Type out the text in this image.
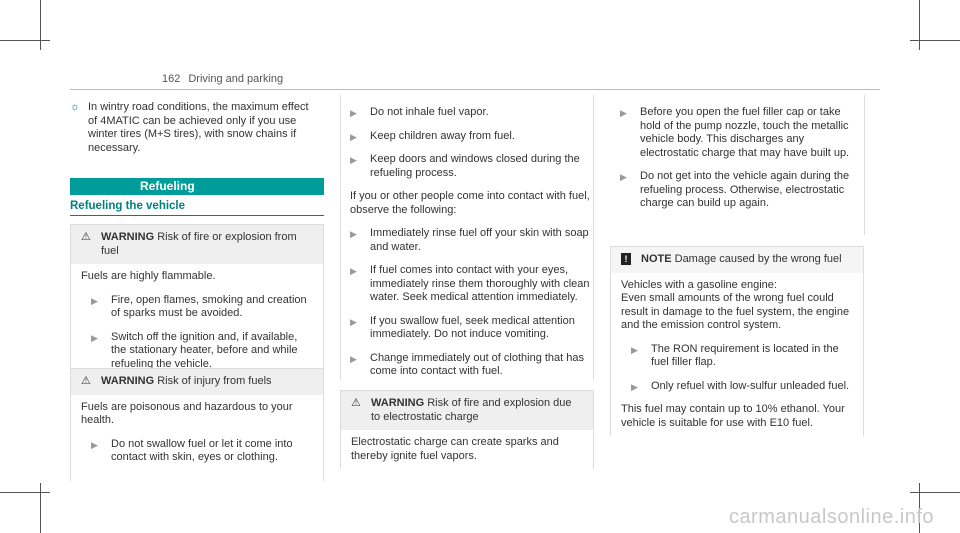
162 Driving and parking
☼ In wintry road conditions, the maximum effect of 4MATIC can be achieved only if you use winter tires (M+S tires), with snow chains if necessary.
Refueling
Refueling the vehicle
⚠ WARNING Risk of fire or explosion from fuel
Fuels are highly flammable.
▶ Fire, open flames, smoking and creation of sparks must be avoided.
▶ Switch off the ignition and, if available, the stationary heater, before and while refueling the vehicle.
⚠ WARNING Risk of injury from fuels
Fuels are poisonous and hazardous to your health.
▶ Do not swallow fuel or let it come into contact with skin, eyes or clothing.
▶ Do not inhale fuel vapor.
▶ Keep children away from fuel.
▶ Keep doors and windows closed during the refueling process.
If you or other people come into contact with fuel, observe the following:
▶ Immediately rinse fuel off your skin with soap and water.
▶ If fuel comes into contact with your eyes, immediately rinse them thoroughly with clean water. Seek medical attention immediately.
▶ If you swallow fuel, seek medical attention immediately. Do not induce vomiting.
▶ Change immediately out of clothing that has come into contact with fuel.
⚠ WARNING Risk of fire and explosion due to electrostatic charge
Electrostatic charge can create sparks and thereby ignite fuel vapors.
▶ Before you open the fuel filler cap or take hold of the pump nozzle, touch the metallic vehicle body. This discharges any electrostatic charge that may have built up.
▶ Do not get into the vehicle again during the refueling process. Otherwise, electrostatic charge can build up again.
!	NOTE Damage caused by the wrong fuel
Vehicles with a gasoline engine:
Even small amounts of the wrong fuel could result in damage to the fuel system, the engine and the emission control system.
▶ The RON requirement is located in the fuel filler flap.
▶ Only refuel with low-sulfur unleaded fuel.
This fuel may contain up to 10% ethanol. Your vehicle is suitable for use with E10 fuel.
carmanualsonline.info
